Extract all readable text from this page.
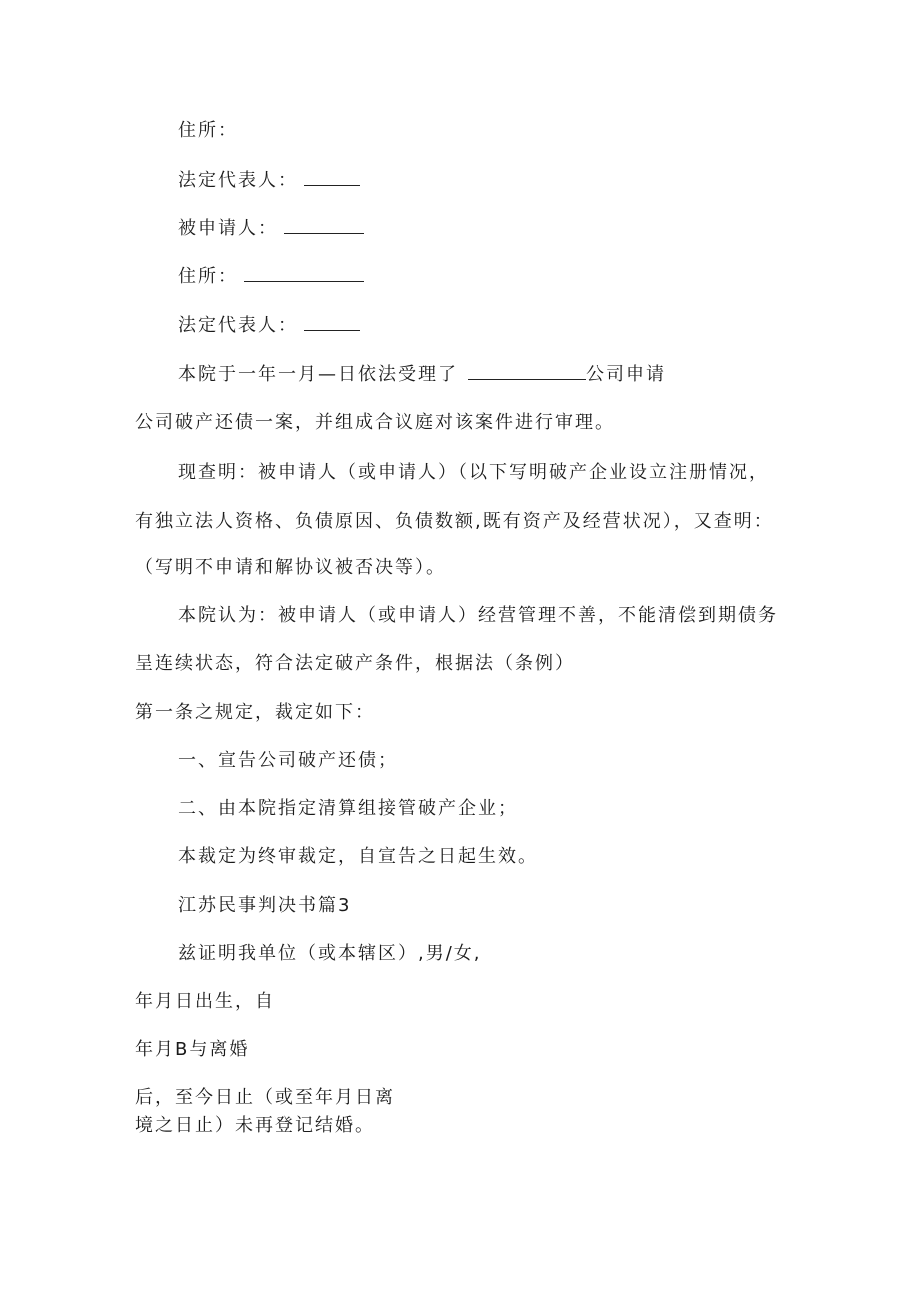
住所：
法定代表人：
被申请人：
住所：
法定代表人：
本院于一年一月—日依法受理了	公司申请
公司破产还债一案，并组成合议庭对该案件进行审理。
现查明：被申请人（或申请人）（以下写明破产企业设立注册情况，
有独立法人资格、负债原因、负债数额,既有资产及经营状况），又查明：
（写明不申请和解协议被否决等）。
本院认为：被申请人（或申请人）经营管理不善，不能清偿到期债务
呈连续状态，符合法定破产条件，根据法（条例）
第一条之规定，裁定如下：
一、宣告公司破产还债；
二、由本院指定清算组接管破产企业；
本裁定为终审裁定，自宣告之日起生效。
江苏民事判决书篇3
兹证明我单位（或本辖区）,男/女,
年月日出生，自
年月B与离婚
后，至今日止（或至年月日离
境之日止）未再登记结婚。
